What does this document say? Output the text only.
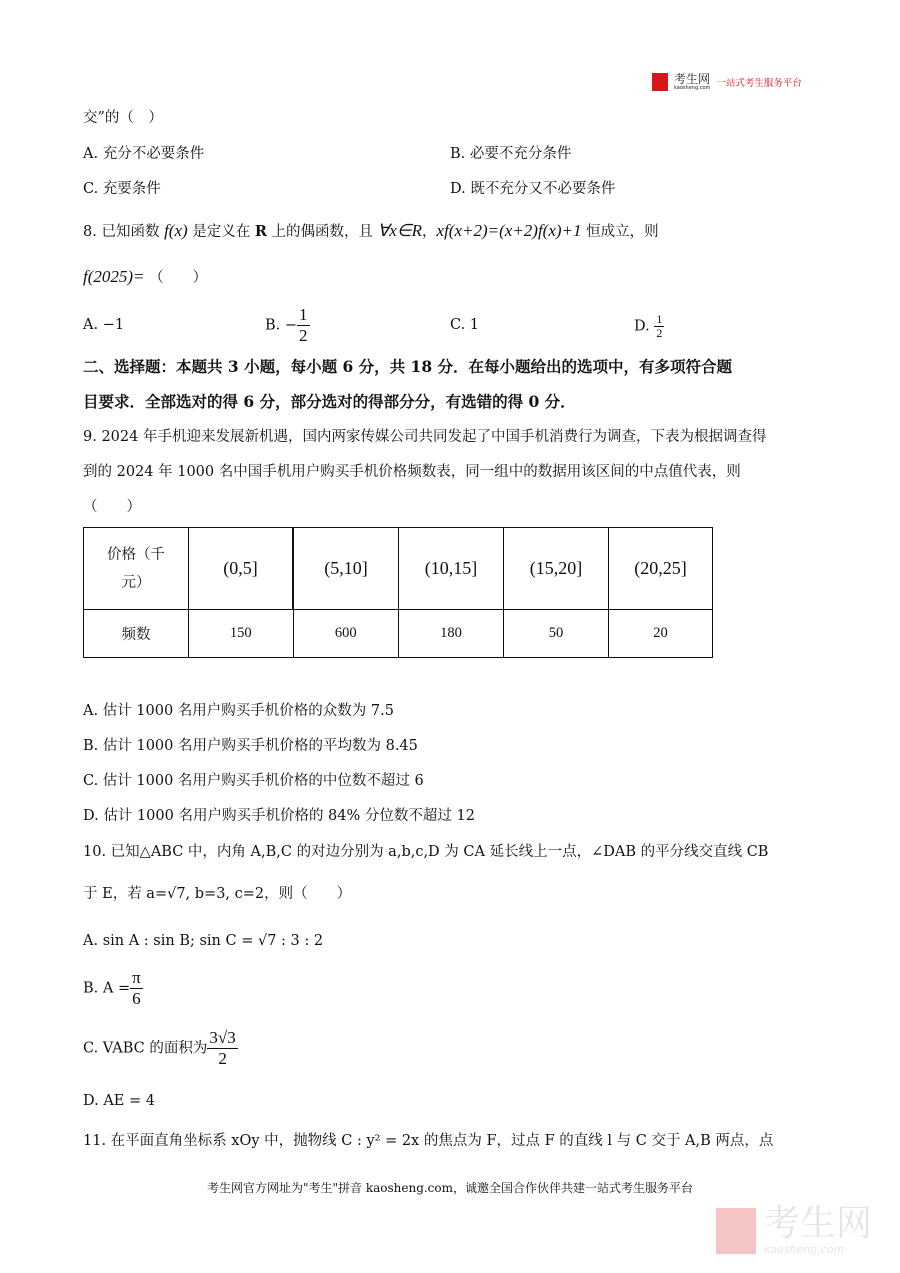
考生网
kaosheng.com 一站式考生服务平台
交”的（　）
A. 充分不必要条件	B. 必要不充分条件
C. 充要条件	D. 既不充分又不必要条件
8. 已知函数 f(x) 是定义在 R 上的偶函数，且 ∀x∈R，xf(x+2)=(x+2)f(x)+1 恒成立，则
f(2025)= （　　）
A. −1	B. − $\frac{1}{2}$	C. 1	D. $\frac{1}{2}$
二、选择题：本题共 3 小题，每小题 6 分，共 18 分．在每小题给出的选项中，有多项符合题
目要求．全部选对的得 6 分，部分选对的得部分分，有选错的得 0 分．
9. 2024 年手机迎来发展新机遇，国内两家传媒公司共同发起了中国手机消费行为调查，下表为根据调查得
到的 2024 年 1000 名中国手机用户购买手机价格频数表，同一组中的数据用该区间的中点值代表，则
（　　）
价格（千
元）	(0,5]	(5,10]	(10,15]	(15,20]	(20,25]
频数	150	600	180	50	20
A. 估计 1000 名用户购买手机价格的众数为 7.5
B. 估计 1000 名用户购买手机价格的平均数为 8.45
C. 估计 1000 名用户购买手机价格的中位数不超过 6
D. 估计 1000 名用户购买手机价格的 84% 分位数不超过 12
10. 已知△ABC 中，内角 A,B,C 的对边分别为 a,b,c,D 为 CA 延长线上一点，∠DAB 的平分线交直线 CB
于 E，若 a=√7, b=3, c=2，则（　　）
A. sin A : sin B; sin C = √7 : 3 : 2
B. $A = \frac{\pi}{6}$
C. VABC 的面积为 $\frac{3√3}{2}$
D. AE = 4
11. 在平面直角坐标系 xOy 中，抛物线 C : y² = 2x 的焦点为 F，过点 F 的直线 l 与 C 交于 A,B 两点，点
考生网官方网址为"考生"拼音 kaosheng.com，诚邀全国合作伙伴共建一站式考生服务平台
考生网
kaosheng.com
